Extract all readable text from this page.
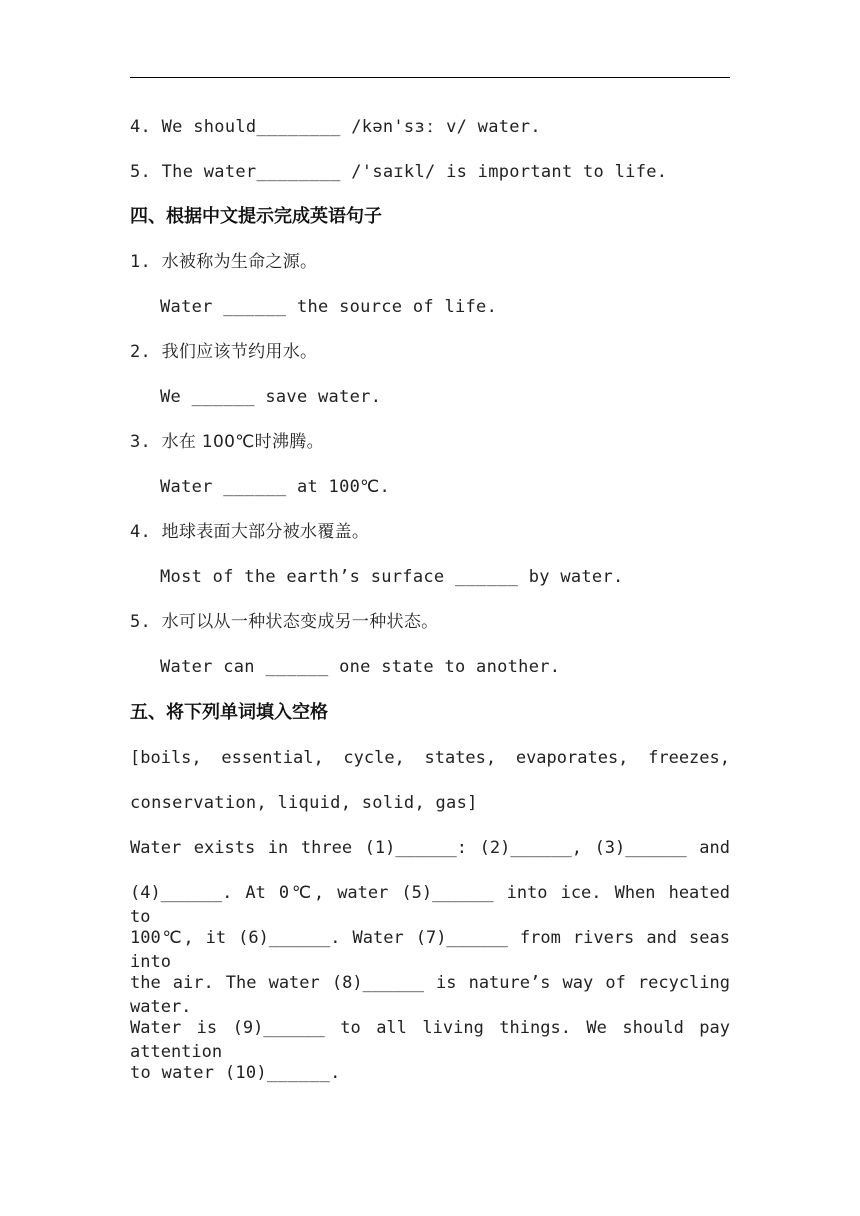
4. We should________ /kən'sɜː v/ water.
5. The water________ /'saɪkl/ is important to life.
四、根据中文提示完成英语句子
1. 水被称为生命之源。
Water ______ the source of life.
2. 我们应该节约用水。
We ______ save water.
3. 水在 100℃时沸腾。
Water ______ at 100℃.
4. 地球表面大部分被水覆盖。
Most of the earth’s surface ______ by water.
5. 水可以从一种状态变成另一种状态。
Water can ______ one state to another.
五、将下列单词填入空格
[boils, essential, cycle, states, evaporates, freezes,
conservation, liquid, solid, gas]
Water exists in three (1)______: (2)______, (3)______ and
(4)______. At 0℃, water (5)______ into ice. When heated to
100℃, it (6)______. Water (7)______ from rivers and seas into
the air. The water (8)______ is nature’s way of recycling water.
Water is (9)______ to all living things. We should pay attention
to water (10)______.
